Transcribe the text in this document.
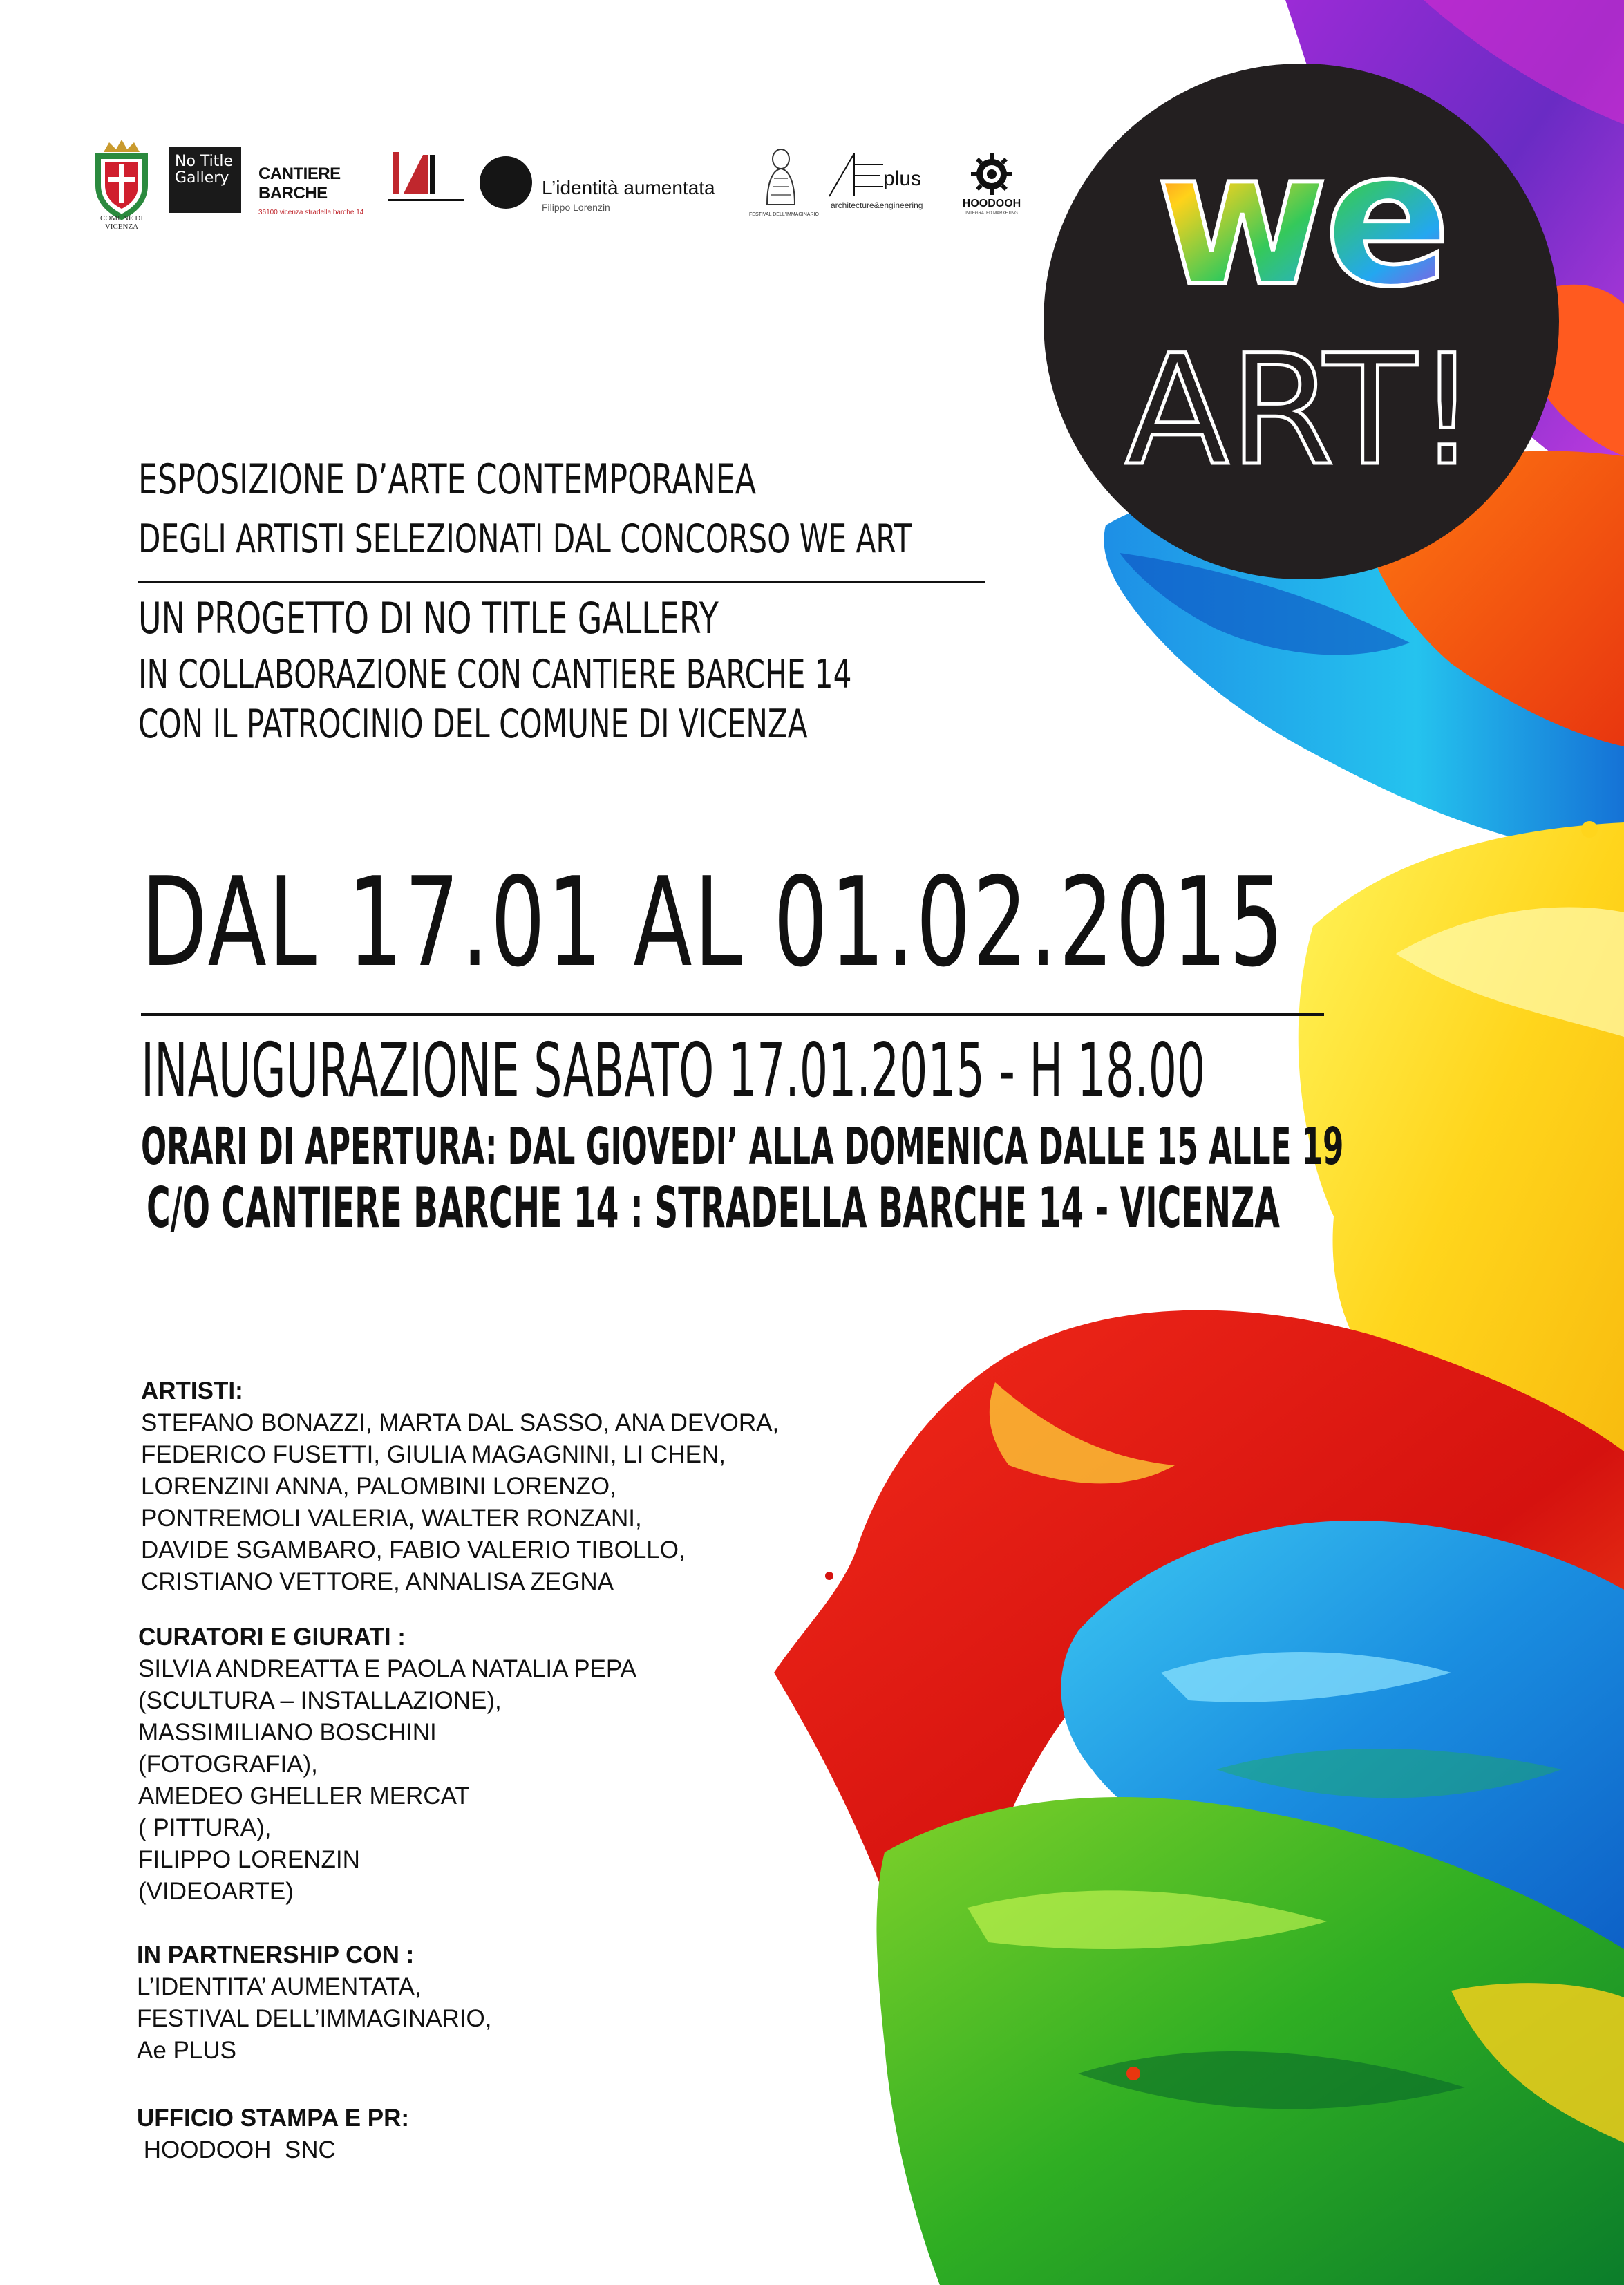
COMUNE DI VICENZA
No Title
Gallery	CANTIERE BARCHE
36100 vicenza stradella barche 14
L’identità aumentata
Filippo Lorenzin
FESTIVAL DELL'IMMAGINARIO
plus
architecture&engineering	HOODOOH
INTEGRATED MARKETING we
ART!
ESPOSIZIONE D’ARTE CONTEMPORANEA
DEGLI ARTISTI SELEZIONATI DAL CONCORSO WE ART
UN PROGETTO DI NO TITLE GALLERY
IN COLLABORAZIONE CON CANTIERE BARCHE 14
CON IL PATROCINIO DEL COMUNE DI VICENZA
DAL 17.01 AL 01.02.2015
INAUGURAZIONE SABATO 17.01.2015 - H 18.00
ORARI DI APERTURA: DAL GIOVEDI’ ALLA DOMENICA DALLE 15 ALLE 19
C/O CANTIERE BARCHE 14 : STRADELLA BARCHE 14 - VICENZA
ARTISTI:
STEFANO BONAZZI, MARTA DAL SASSO, ANA DEVORA,
FEDERICO FUSETTI, GIULIA MAGAGNINI, LI CHEN,
LORENZINI ANNA, PALOMBINI LORENZO,
PONTREMOLI VALERIA, WALTER RONZANI,
DAVIDE SGAMBARO, FABIO VALERIO TIBOLLO,
CRISTIANO VETTORE, ANNALISA ZEGNA
CURATORI E GIURATI :
SILVIA ANDREATTA E PAOLA NATALIA PEPA
(SCULTURA – INSTALLAZIONE),
MASSIMILIANO BOSCHINI
(FOTOGRAFIA),
AMEDEO GHELLER MERCAT
( PITTURA),
FILIPPO LORENZIN
(VIDEOARTE)
IN PARTNERSHIP CON :
L’IDENTITA’ AUMENTATA,
FESTIVAL DELL’IMMAGINARIO,
Ae PLUS
UFFICIO STAMPA E PR:
HOODOOH  SNC
